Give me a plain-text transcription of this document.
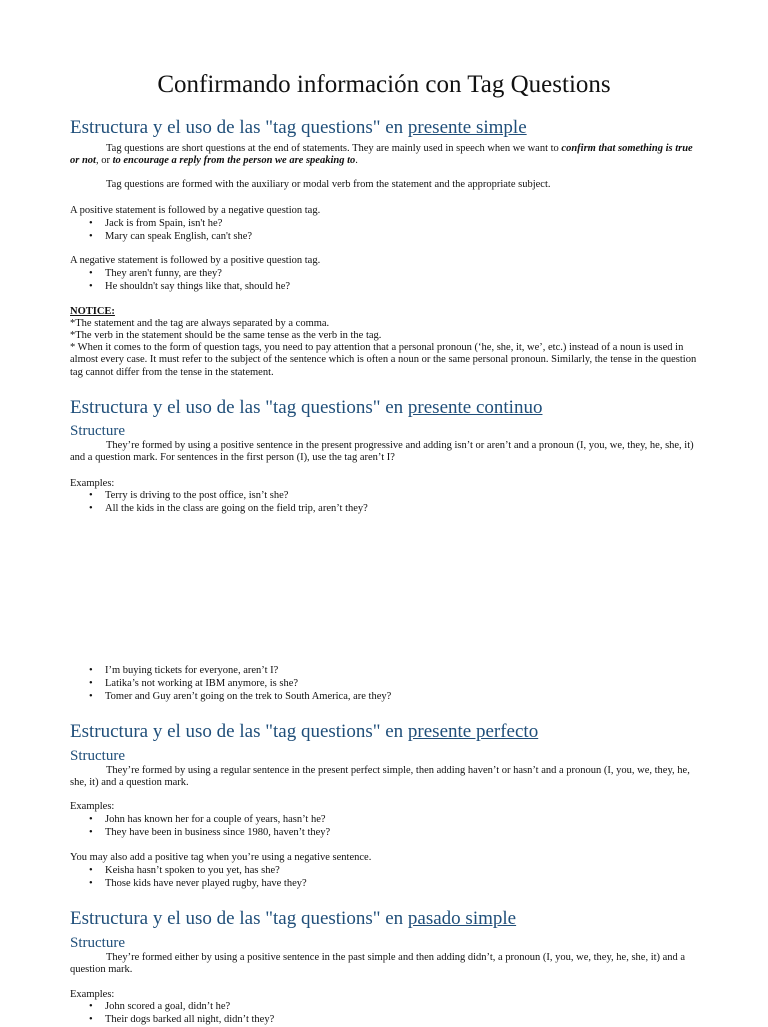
Confirmando información con Tag Questions
Estructura y el uso de las "tag questions" en presente simple
Tag questions are short questions at the end of statements. They are mainly used in speech when we want to confirm that something is true or not, or to encourage a reply from the person we are speaking to.
Tag questions are formed with the auxiliary or modal verb from the statement and the appropriate subject.
A positive statement is followed by a negative question tag.
• Jack is from Spain, isn't he?
• Mary can speak English, can't she?
A negative statement is followed by a positive question tag.
• They aren't funny, are they?
• He shouldn't say things like that, should he?
NOTICE:
*The statement and the tag are always separated by a comma.
*The verb in the statement should be the same tense as the verb in the tag.
* When it comes to the form of question tags, you need to pay attention that a personal pronoun (‘he, she, it, we’, etc.) instead of a noun is used in almost every case. It must refer to the subject of the sentence which is often a noun or the same personal pronoun. Similarly, the tense in the question tag cannot differ from the tense in the statement.
Estructura y el uso de las "tag questions" en presente continuo
Structure
They’re formed by using a positive sentence in the present progressive and adding isn’t or aren’t and a pronoun (I, you, we, they, he, she, it) and a question mark. For sentences in the first person (I), use the tag aren’t I?
Examples:
• Terry is driving to the post office, isn’t she?
• All the kids in the class are going on the field trip, aren’t they?
• I’m buying tickets for everyone, aren’t I?
• Latika’s not working at IBM anymore, is she?
• Tomer and Guy aren’t going on the trek to South America, are they?
Estructura y el uso de las "tag questions" en presente perfecto
Structure
They’re formed by using a regular sentence in the present perfect simple, then adding haven’t or hasn’t and a pronoun (I, you, we, they, he, she, it) and a question mark.
Examples:
• John has known her for a couple of years, hasn’t he?
• They have been in business since 1980, haven’t they?
You may also add a positive tag when you’re using a negative sentence.
• Keisha hasn’t spoken to you yet, has she?
• Those kids have never played rugby, have they?
Estructura y el uso de las "tag questions" en pasado simple
Structure
They’re formed either by using a positive sentence in the past simple and then adding didn’t, a pronoun (I, you, we, they, he, she, it) and a question mark.
Examples:
• John scored a goal, didn’t he?
• Their dogs barked all night, didn’t they?
